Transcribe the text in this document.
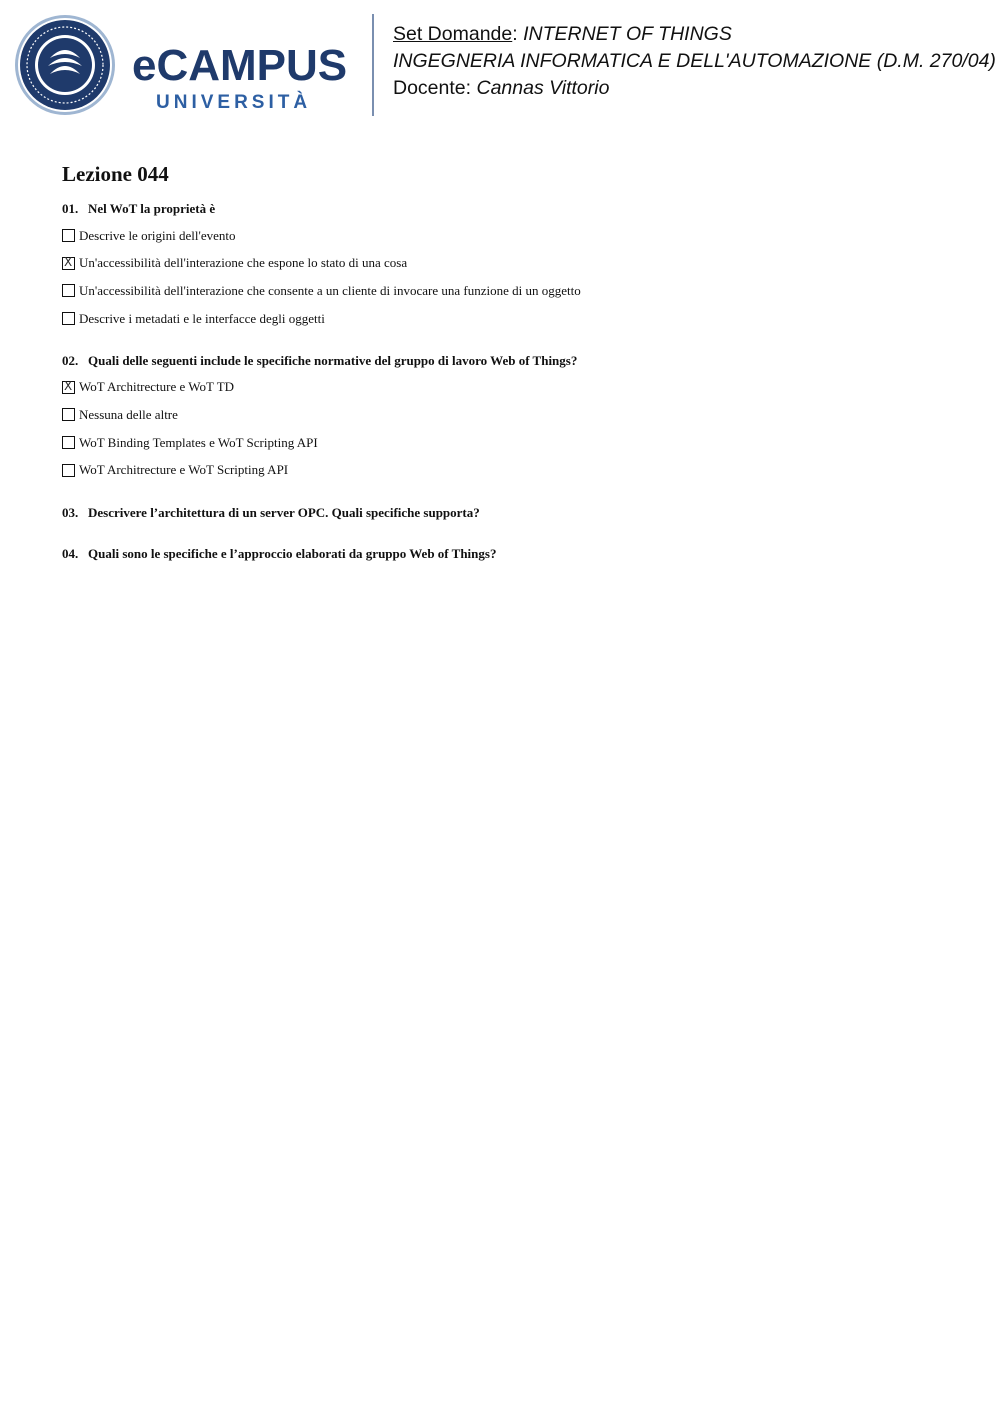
eCAMPUS
UNIVERSITÀ
Set Domande: INTERNET OF THINGS
INGEGNERIA INFORMATICA E DELL'AUTOMAZIONE (D.M. 270/04)
Docente: Cannas Vittorio
Lezione 044
01. Nel WoT la proprietà è
Descrive le origini dell'evento
X
Un'accessibilità dell'interazione che espone lo stato di una cosa
Un'accessibilità dell'interazione che consente a un cliente di invocare una funzione di un oggetto
Descrive i metadati e le interfacce degli oggetti
02. Quali delle seguenti include le specifiche normative del gruppo di lavoro Web of Things?
X
WoT Architrecture e WoT TD
Nessuna delle altre
WoT Binding Templates e WoT Scripting API
WoT Architrecture e WoT Scripting API
03. Descrivere l’architettura di un server OPC. Quali specifiche supporta?
04. Quali sono le specifiche e l’approccio elaborati da gruppo Web of Things?
